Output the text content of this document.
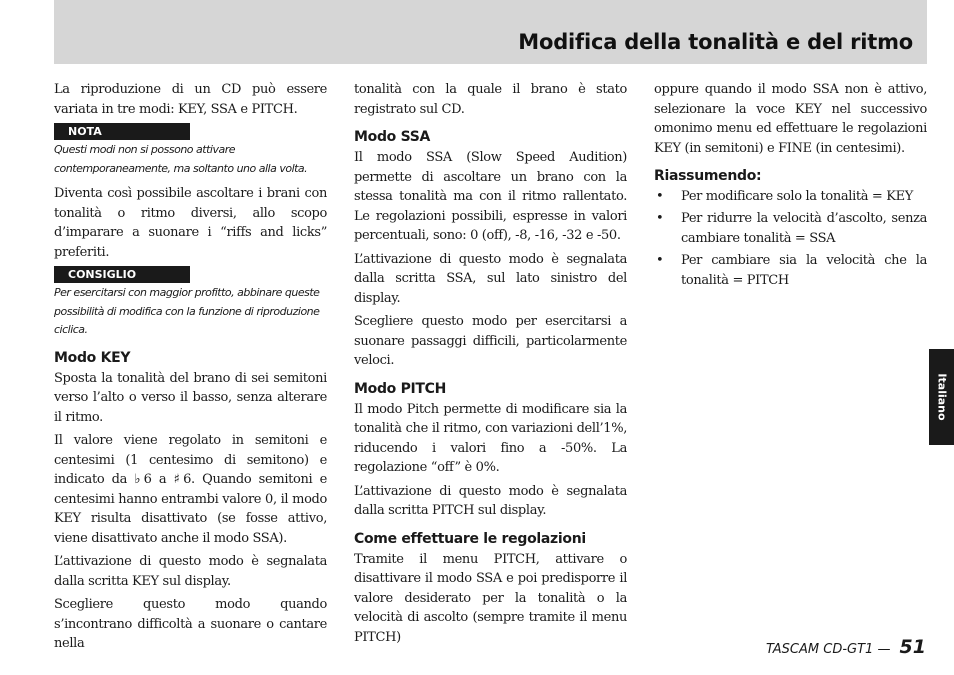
Modifica della tonalità e del ritmo

La riproduzione di un CD può essere variata in tre modi: KEY, SSA e PITCH.

NOTA

Questi modi non si possono attivare contemporaneamente, ma soltanto uno alla volta.

Diventa così possibile ascoltare i brani con tonalità o ritmo diversi, allo scopo d’imparare a suonare i “riffs and licks” preferiti.

CONSIGLIO

Per esercitarsi con maggior profitto, abbinare queste possibilità di modifica con la funzione di riproduzione ciclica.

Modo KEY

Sposta la tonalità del brano di sei semitoni verso l’alto o verso il basso, senza alterare il ritmo.

Il valore viene regolato in semitoni e centesimi (1 centesimo di semitono) e indicato da ♭6 a ♯6. Quando semitoni e centesimi hanno entrambi valore 0, il modo KEY risulta disattivato (se fosse attivo, viene disattivato anche il modo SSA).

L’attivazione di questo modo è segnalata dalla scritta KEY sul display.

Scegliere questo modo quando s’incontrano difficoltà a suonare o cantare nella

tonalità con la quale il brano è stato registrato sul CD.

Modo SSA

Il modo SSA (Slow Speed Audition) permette di ascoltare un brano con la stessa tonalità ma con il ritmo rallentato. Le regolazioni possibili, espresse in valori percentuali, sono: 0 (off), -8, -16, -32 e -50.

L’attivazione di questo modo è segnalata dalla scritta SSA, sul lato sinistro del display.

Scegliere questo modo per esercitarsi a suonare passaggi difficili, particolarmente veloci.

Modo PITCH

Il modo Pitch permette di modificare sia la tonalità che il ritmo, con variazioni dell’1%, riducendo i valori fino a -50%. La regolazione “off” è 0%.

L’attivazione di questo modo è segnalata dalla scritta PITCH sul display.

Come effettuare le regolazioni

Tramite il menu PITCH, attivare o disattivare il modo SSA e poi predisporre il valore desiderato per la tonalità o la velocità di ascolto (sempre tramite il menu PITCH)

oppure quando il modo SSA non è attivo, selezionare la voce KEY nel successivo omonimo menu ed effettuare le regolazioni KEY (in semitoni) e FINE (in centesimi).

Riassumendo:
• Per modificare solo la tonalità = KEY
• Per ridurre la velocità d’ascolto, senza cambiare tonalità = SSA
• Per cambiare sia la velocità che la tonalità = PITCH
Italiano
TASCAM CD-GT1 — 51
